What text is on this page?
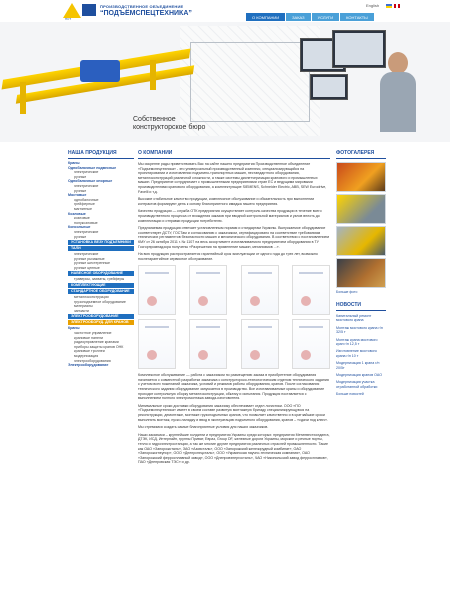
ПРОИЗВОДСТВЕННОЕ ОБЪЕДИНЕНИЕ
“ПОДЪЁМСПЕЦТЕХНИКА”
ПСТ	О КОМПАНИИ	ЗАКАЗ	УСЛУГИ	КОНТАКТЫ
English
Собственное конструкторское бюро
НАША ПРОДУКЦИЯ
Краны
Однобалочные подвесные
электрические
ручные
Однобалочные опорные
электрические
ручные
Мостовые
однобалочные
грейферные
магнитные
Козловые
козловые
полукозловые
Консольные
электрические
ручные
УСТАНОВКА ВЕЗУ ПОДЪЕМНИКИ
ТАЛИ
электрические
ручные рычажные
ручные шестеренные
ручные цепные
НАВЕСНОЕ ОБОРУДОВАНИЕ
траверсы, захваты, грейферы
КОМПЛЕКТУЮЩИЕ
СТАНДАРТНОЕ ОБОРУДОВАНИЕ
металлоконструкции
грузоподъемное оборудование
материалы
запчасти
ЭЛЕКТРООБОРУДОВАНИЕ
ЭЛЕКТРООБОРУД. ДЛЯ КРАНОВ
Краны
частотное управление
крановые панели
радиоуправление кранами
приборы защиты кранов ОНК
крановые троллеи
модернизация электрооборудования
Электрооборудование
О КОМПАНИИ
Мы искренне рады приветствовать Вас на сайте нашего предприятия Производственное объединение «Подъемспецтехника» - это универсальный производственный комплекс, специализирующийся на проектировании и изготовлении подъемно-транспортных машин, нестандартного оборудования, металлоконструкций различной сложности, а также системы диспетчеризации кранового и промышленных машин. Предприятие сотрудничает с промышленными предприятиями стран ЕС и ведущими мировыми производителями кранового оборудования, а комплектующие SIEMENS, Schneider Electric, ABB, SEW Eurodrive, Favelli и т.д.
Высокие стабильное качество продукции, комплексное обслуживание и обязательность при выполнении контрактов формируют день к основу благоприятного имиджа нашего предприятия.
Качество продукции — служба ОТК предприятия осуществляет контроль качества продукции в течение всего производственного процесса от вхождения заказов при вводной контрольной материалов и узлов вплоть до комплектации и отправки продукции потребителю.
Предлагаемая продукция отвечает установленным нормам и стандартам Украины. Выпускаемое оборудование соответствует ДСТУ, ГОСТам и согласованию с заказчиком, сертифицировано на соответствие требованиям технических регламентов безопасности машин и механического оборудования. В соответствии с постановлением КМУ от 26 октября 2011 г. № 1107 на весь ассортимент изготавливаемого предприятием оборудования в ТУ Госгорпромнадзора получены «Разрешения на применение машин, механизмов ...».
На всю продукцию распространяется гарантийный срок эксплуатации от одного года до трех лет, возможно послегарантийное сервисное обслуживание.
Комплексное обслуживание — работа с заказчиком по размещению заказа в приобретение оборудования начинается с совместной разработки заказчика с конструкторско-технологическим отделом технического задания с учетом всех пожеланий заказчика, условий и режимов работы оборудования, кранов. После согласования технического задания оборудование запускается в производство. Все изготавливаемые краны и оборудование проходят контрольную сборку металлоконструкции, обкатку и испытания. Продукция поставляется с выполнением полного электромонтажа завода-изготовителя.
Минимальные сроки доставки оборудования заказчику обеспечивает отдел логистики. ООО «ПО «Подъемспецтехника» имеет в своем составе развитую монтажную бригаду специализирующуюся на реконструкции, демонтаже, монтаже грузоподъемных кранов, что позволяет качественно и в кратчайшие сроки выполнять монтаж, пуско-наладку и ввод в эксплуатацию подъемного оборудования, кранов – «сдачи под ключ».
Мы стремимся создать самые благоприятные условия для наших заказчиков.
Наши заказчики – крупнейшие холдинги и предприятия Украины среди которых: предприятия Метинвестхолдинга, ДТЭК, ИСД, Интерпайп, группы Приват, Евраз, Group DF, железные дороги Украины, морские и речные порты, тепло и гидроэлектростанции, а так же многие другие предприятия различных отраслей промышленности. Такие как ОАО «Запорожсталь», ЗАО «Азовсталь», ООО «Запорожский железорудный комбинат», ОАО «Запорожогнеупор», ООО «Днепрспецсталь», ООО «Украинская научно-техническая компания», ОАО «Запорожский ферросплавный завод», ООО «Днепровэнергосталь», ЧАО «Никопольский завод ферросплавов», ПАО «Днепровская ТЭС» и др.
ФОТОГАЛЕРЕЯ
Больше фото
НОВОСТИ
Капитальный ремонт мостового крана
Монтаж мостового крана г/п 32/5 т
Монтаж крана мостового кран г/п 12,5 т
Изготовление мостового крана г/п 10 т
Модернизация 1 крана г/п 20/5т
Модернизация кранов ОАО
Модернизация участка отработанной обработки
Больше новостей
